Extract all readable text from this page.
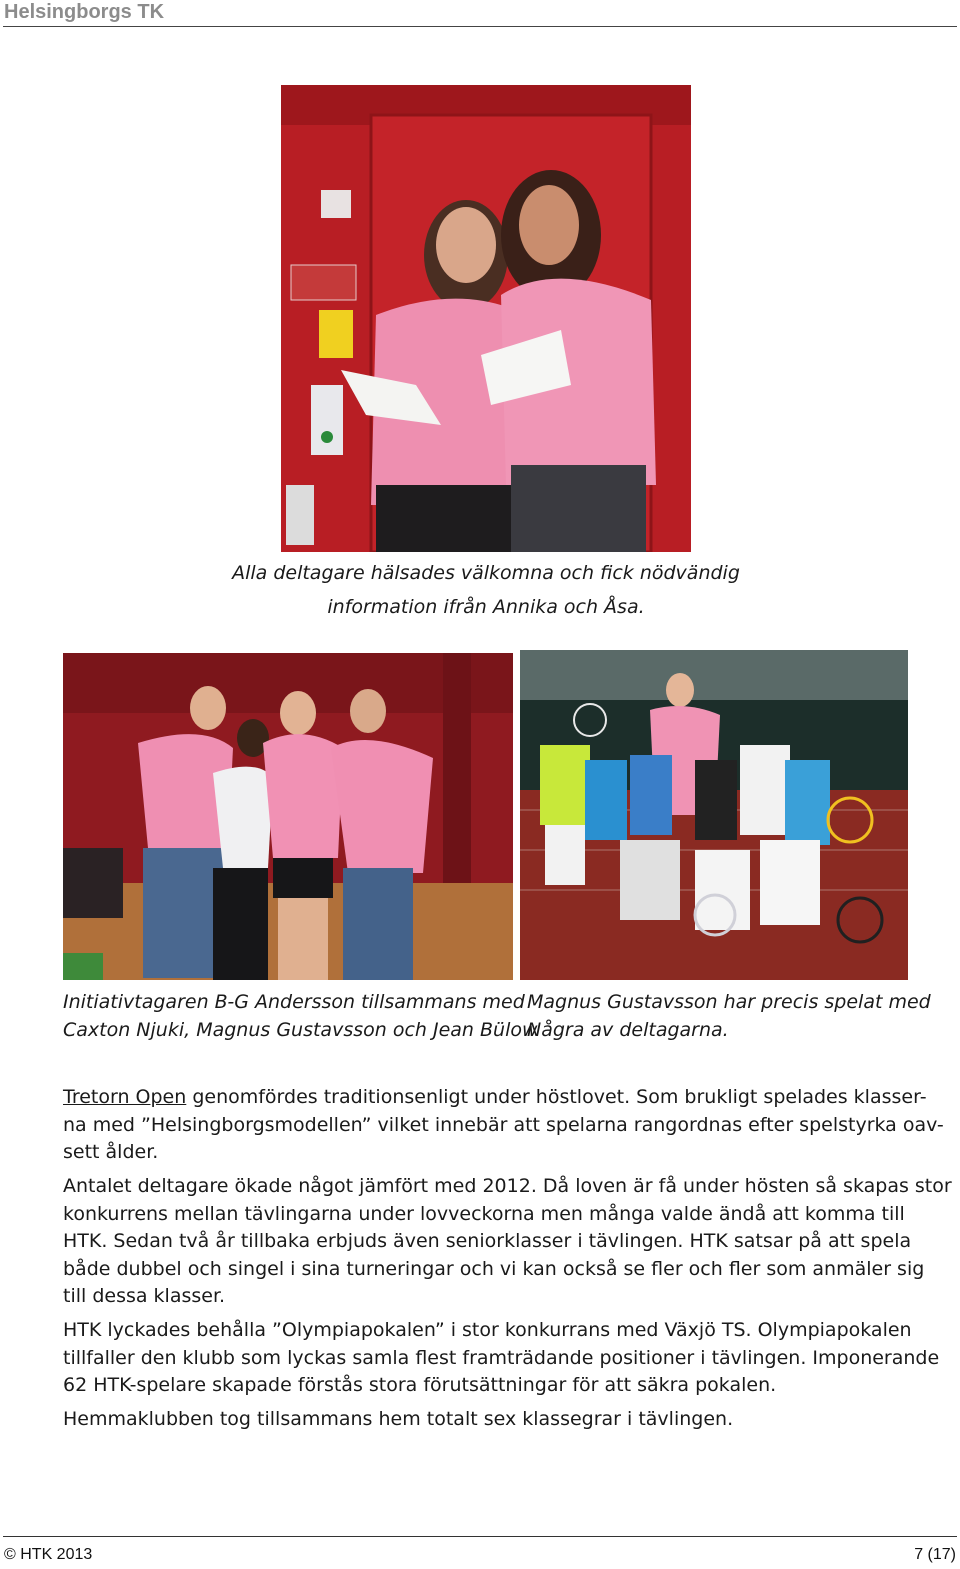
Helsingborgs TK
Alla deltagare hälsades välkomna och fick nödvändig
information ifrån Annika och Åsa.
Initiativtagaren B-G Andersson tillsammans med
Caxton Njuki, Magnus Gustavsson och Jean Bülow
Magnus Gustavsson har precis spelat med
Några av deltagarna.
Tretorn Open genomfördes traditionsenligt under höstlovet. Som brukligt spelades klasser-
na med ”Helsingborgsmodellen” vilket innebär att spelarna rangordnas efter spelstyrka oav-
sett ålder.
Antalet deltagare ökade något jämfört med 2012. Då loven är få under hösten så skapas stor
konkurrens mellan tävlingarna under lovveckorna men många valde ändå att komma till
HTK. Sedan två år tillbaka erbjuds även seniorklasser i tävlingen. HTK satsar på att spela
både dubbel och singel i sina turneringar och vi kan också se fler och fler som anmäler sig
till dessa klasser.
HTK lyckades behålla ”Olympiapokalen” i stor konkurrans med Växjö TS. Olympiapokalen
tillfaller den klubb som lyckas samla flest framträdande positioner i tävlingen. Imponerande
62 HTK-spelare skapade förstås stora förutsättningar för att säkra pokalen.
Hemmaklubben tog tillsammans hem totalt sex klassegrar i tävlingen.
© HTK 2013	7 (17)
